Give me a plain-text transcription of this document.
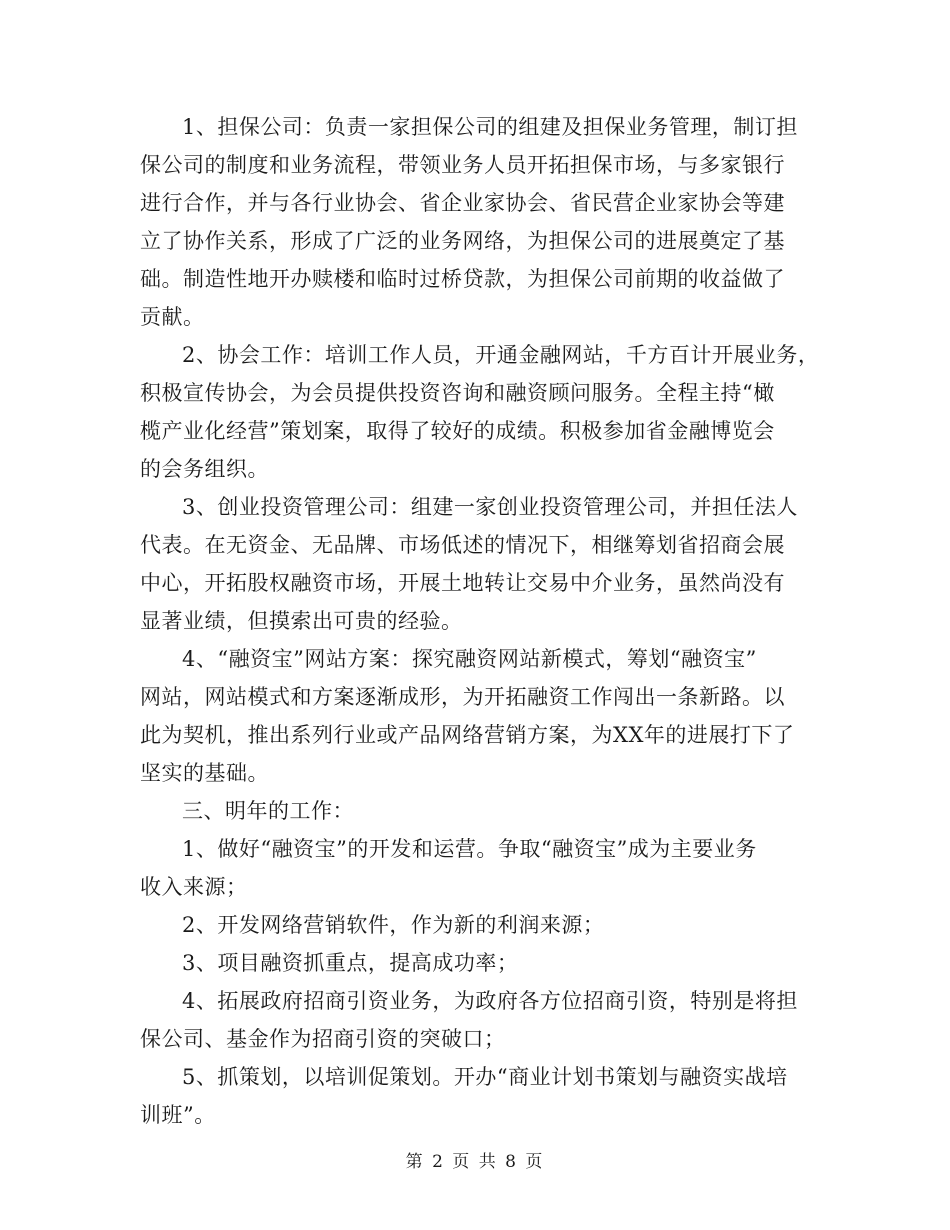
1、担保公司：负责一家担保公司的组建及担保业务管理，制订担
保公司的制度和业务流程，带领业务人员开拓担保市场，与多家银行
进行合作，并与各行业协会、省企业家协会、省民营企业家协会等建
立了协作关系，形成了广泛的业务网络，为担保公司的进展奠定了基
础。制造性地开办赎楼和临时过桥贷款，为担保公司前期的收益做了
贡献。
2、协会工作：培训工作人员，开通金融网站，千方百计开展业务，
积极宣传协会，为会员提供投资咨询和融资顾问服务。全程主持“橄
榄产业化经营”策划案，取得了较好的成绩。积极参加省金融博览会
的会务组织。
3、创业投资管理公司：组建一家创业投资管理公司，并担任法人
代表。在无资金、无品牌、市场低述的情况下，相继筹划省招商会展
中心，开拓股权融资市场，开展土地转让交易中介业务，虽然尚没有
显著业绩，但摸索出可贵的经验。
4、“融资宝”网站方案：探究融资网站新模式，筹划“融资宝”
网站，网站模式和方案逐渐成形，为开拓融资工作闯出一条新路。以
此为契机，推出系列行业或产品网络营销方案，为XX年的进展打下了
坚实的基础。
三、明年的工作：
1、做好“融资宝”的开发和运营。争取“融资宝”成为主要业务
收入来源；
2、开发网络营销软件，作为新的利润来源；
3、项目融资抓重点，提高成功率；
4、拓展政府招商引资业务，为政府各方位招商引资，特别是将担
保公司、基金作为招商引资的突破口；
5、抓策划，以培训促策划。开办“商业计划书策划与融资实战培
训班”。
第 2 页 共 8 页
